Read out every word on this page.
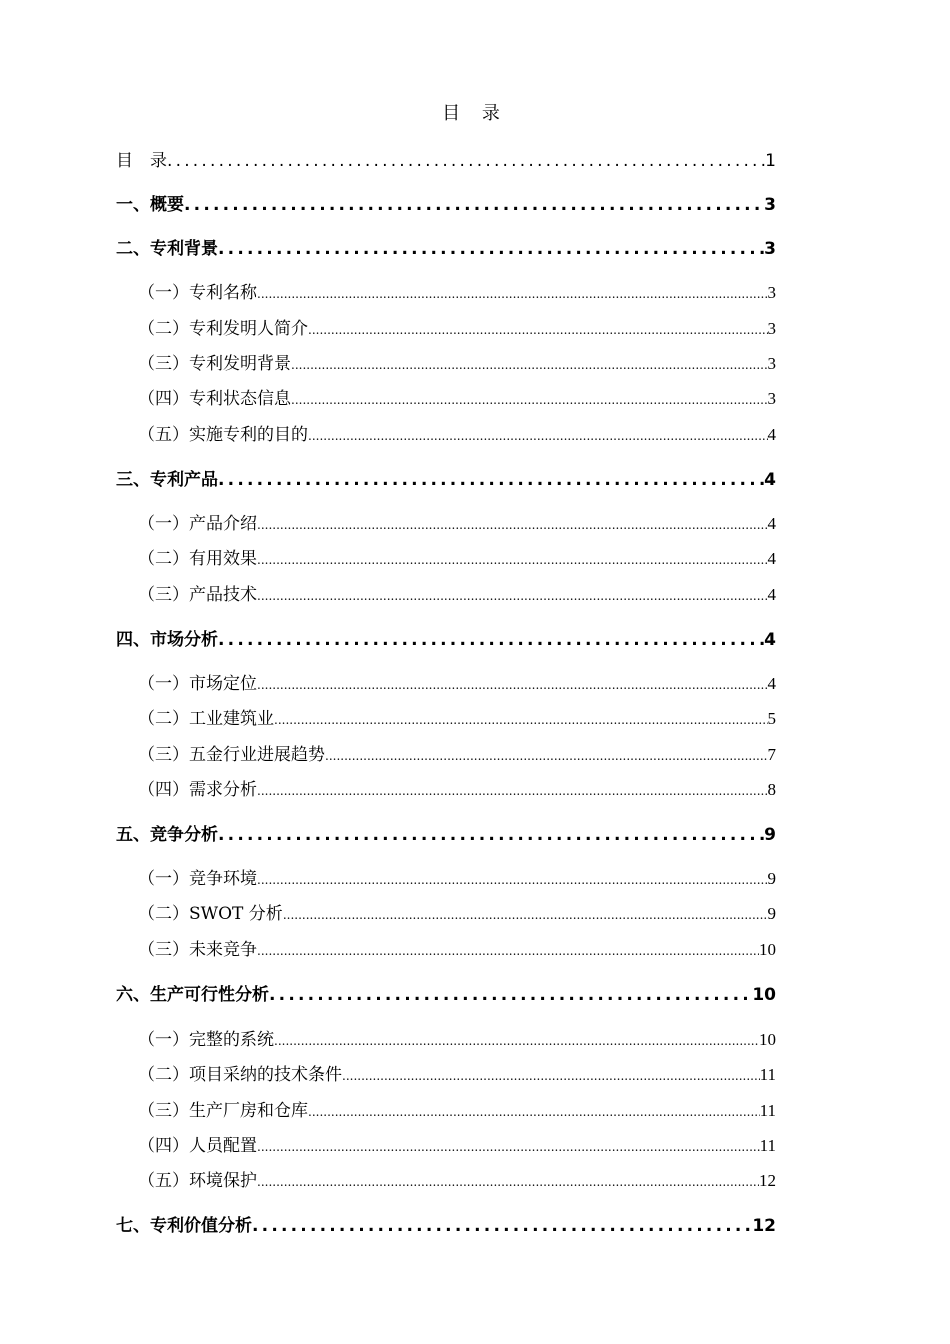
目 录
目　录 .....	1
一、概要 .....	3
二、专利背景 .....	3
（一）专利名称 .....	3
（二）专利发明人简介 .....	3
（三）专利发明背景 .....	3
（四）专利状态信息 .....	3
（五）实施专利的目的 .....	4
三、专利产品 .....	4
（一）产品介绍 .....	4
（二）有用效果 .....	4
（三）产品技术 .....	4
四、市场分析 .....	4
（一）市场定位 .....	4
（二）工业建筑业 .....	5
（三）五金行业进展趋势 .....	7
（四）需求分析 .....	8
五、竞争分析 .....	9
（一）竞争环境 .....	9
（二）SWOT 分析 .....	9
（三）未来竞争 .....	10
六、生产可行性分析 .....	10
（一）完整的系统 .....	10
（二）项目采纳的技术条件 .....	11
（三）生产厂房和仓库 .....	11
（四）人员配置 .....	11
（五）环境保护 .....	12
七、专利价值分析 .....	12
